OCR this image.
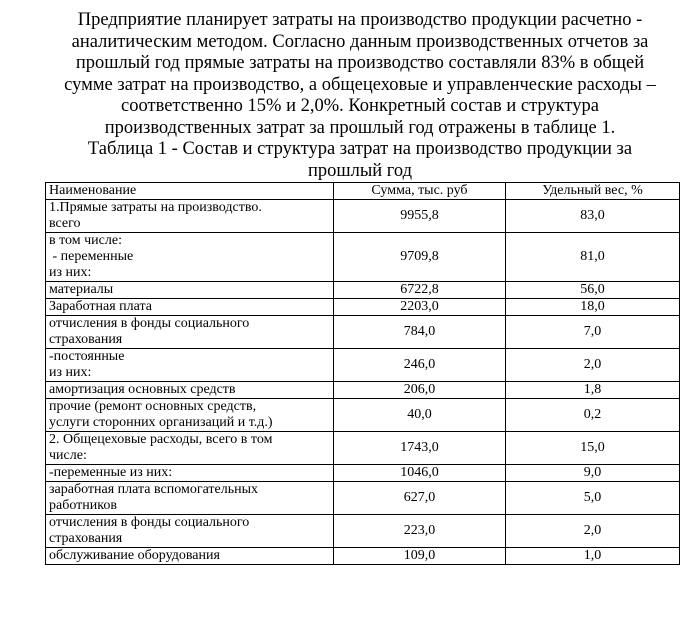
Предприятие планирует затраты на производство продукции расчетно -
аналитическим методом. Согласно данным производственных отчетов за
прошлый год прямые затраты на производство составляли 83% в общей
сумме затрат на производство, а общецеховые и управленческие расходы –
соответственно 15% и 2,0%. Конкретный состав и структура
производственных затрат за прошлый год отражены в таблице 1.
Таблица 1 - Состав и структура затрат на производство продукции за
прошлый год
Наименование	Сумма, тыс. руб	Удельный вес, %

1.Прямые затраты на производство.
всего	9955,8	83,0

в том числе:
- переменные
из них:	9709,8	81,0

материалы	6722,8	56,0

Заработная плата	2203,0	18,0

отчисления в фонды социального
страхования	784,0	7,0

-постоянные
из них:	246,0	2,0

амортизация основных средств	206,0	1,8

прочие (ремонт основных средств,
услуги сторонних организаций и т.д.)	40,0	0,2

2. Общецеховые расходы, всего в том
числе:	1743,0	15,0

-переменные из них:	1046,0	9,0

заработная плата вспомогательных
работников	627,0	5,0

отчисления в фонды социального
страхования	223,0	2,0

обслуживание оборудования	109,0	1,0
